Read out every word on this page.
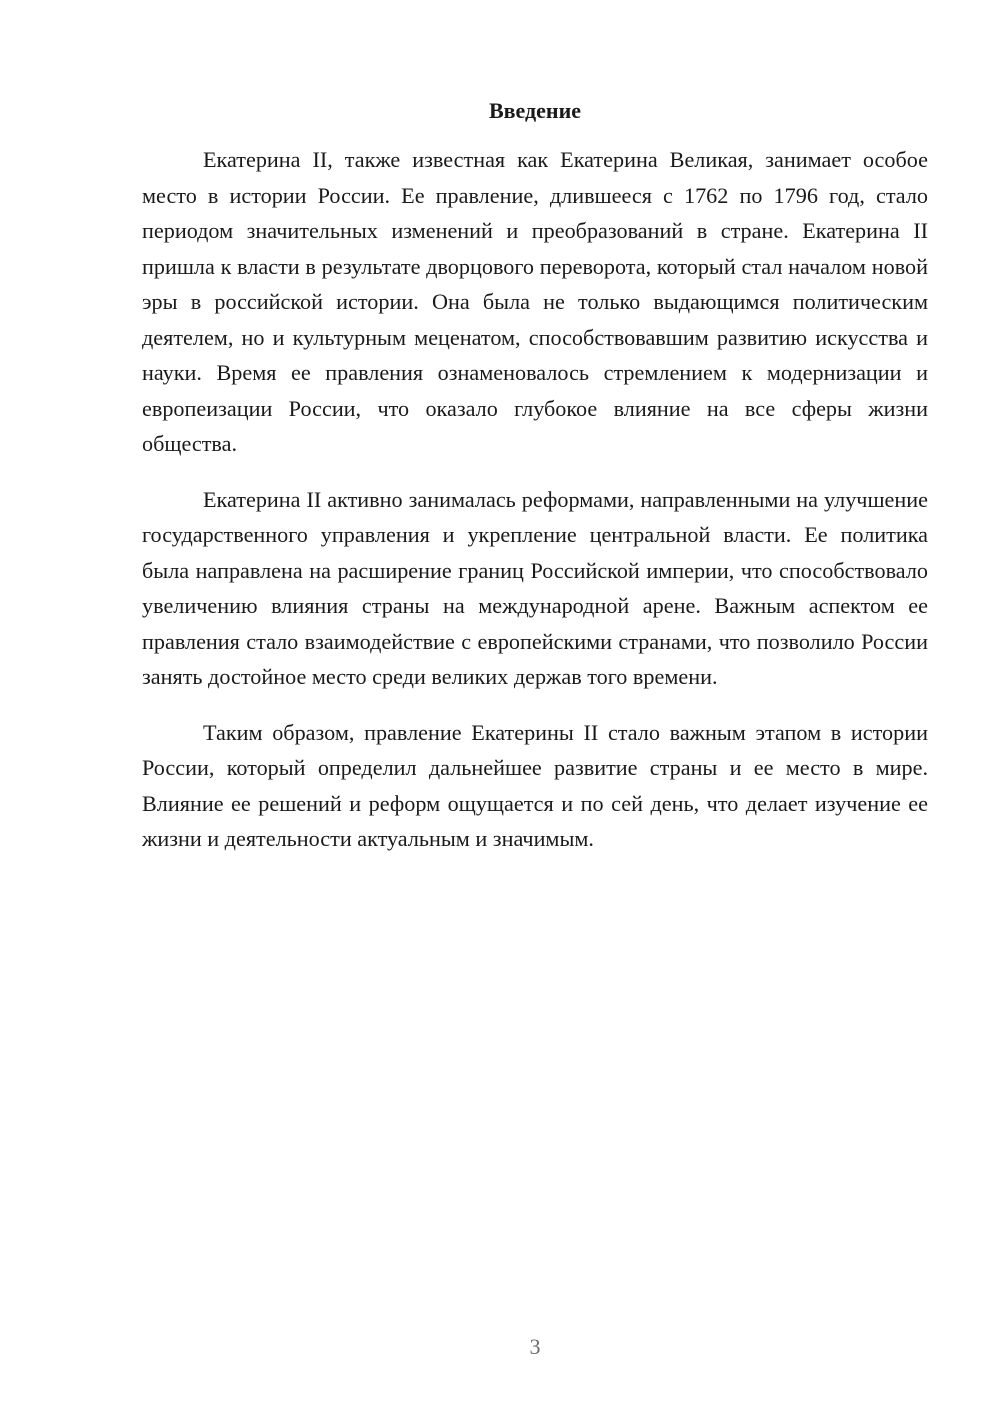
Введение

Екатерина II, также известная как Екатерина Великая, занимает особое место в истории России. Ее правление, длившееся с 1762 по 1796 год, стало периодом значительных изменений и преобразований в стране. Екатерина II пришла к власти в результате дворцового переворота, который стал началом новой эры в российской истории. Она была не только выдающимся политическим деятелем, но и культурным меценатом, способствовавшим развитию искусства и науки. Время ее правления ознаменовалось стремлением к модернизации и европеизации России, что оказало глубокое влияние на все сферы жизни общества.

Екатерина II активно занималась реформами, направленными на улучшение государственного управления и укрепление центральной власти. Ее политика была направлена на расширение границ Российской империи, что способствовало увеличению влияния страны на международной арене. Важным аспектом ее правления стало взаимодействие с европейскими странами, что позволило России занять достойное место среди великих держав того времени.

Таким образом, правление Екатерины II стало важным этапом в истории России, который определил дальнейшее развитие страны и ее место в мире. Влияние ее решений и реформ ощущается и по сей день, что делает изучение ее жизни и деятельности актуальным и значимым.

3
